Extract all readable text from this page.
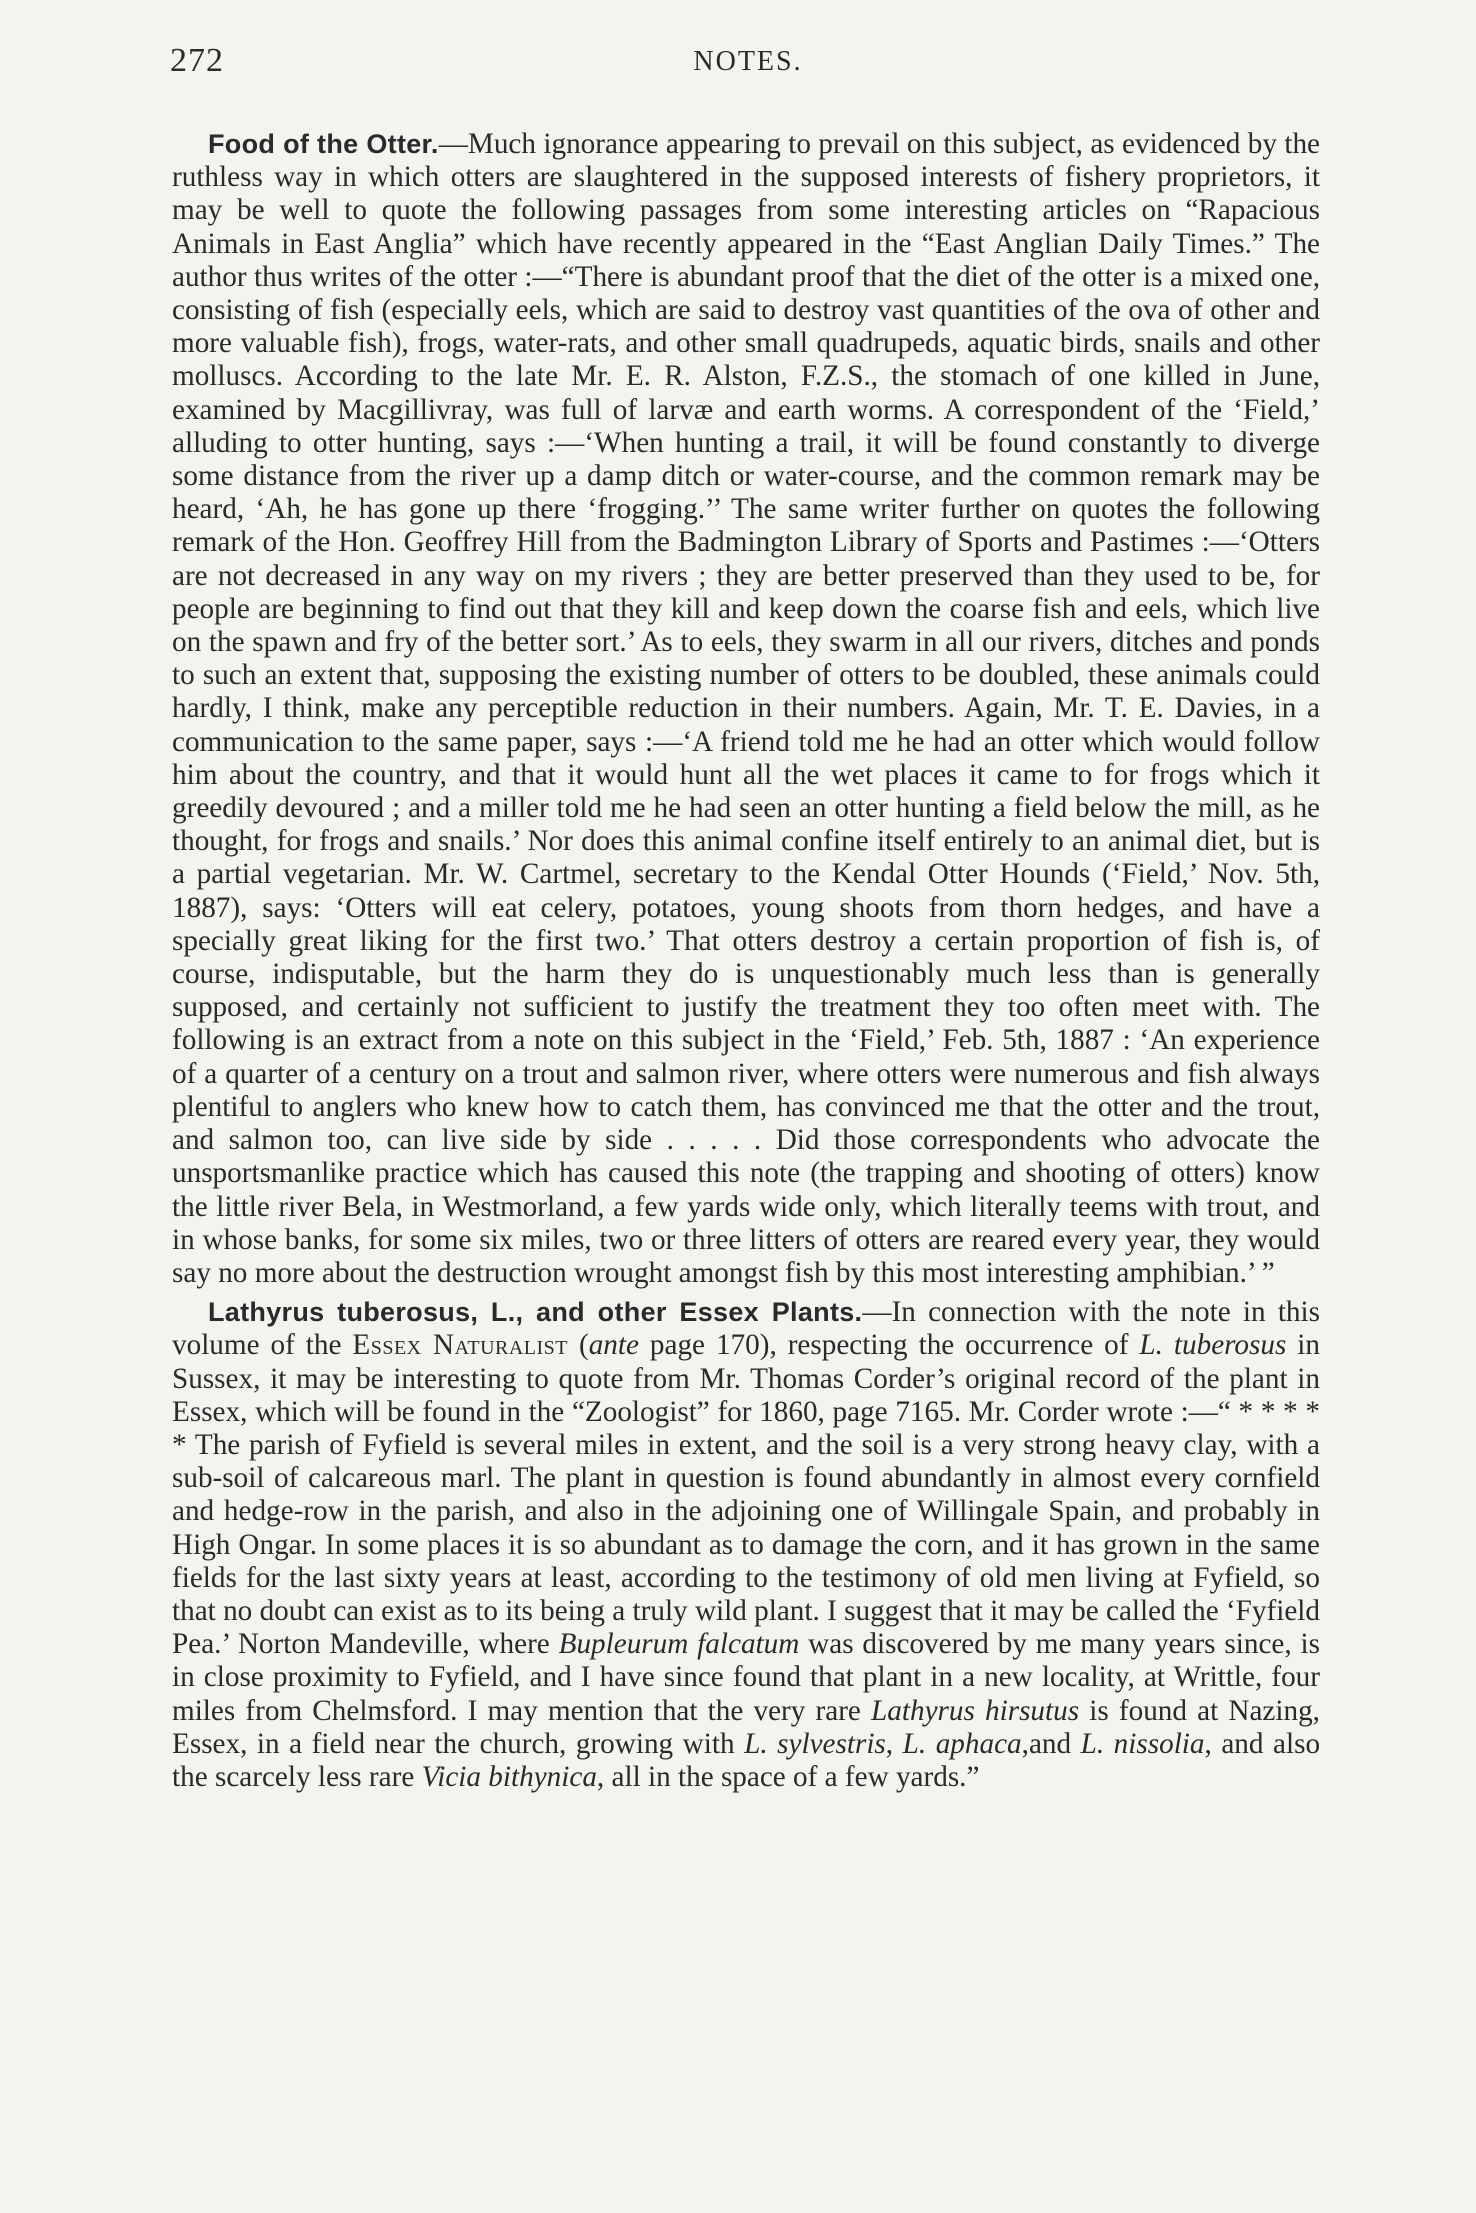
272	NOTES.

Food of the Otter.—Much ignorance appearing to prevail on this subject, as evidenced by the ruthless way in which otters are slaughtered in the supposed interests of fishery proprietors, it may be well to quote the following passages from some interesting articles on “Rapacious Animals in East Anglia” which have recently appeared in the “East Anglian Daily Times.” The author thus writes of the otter :—“There is abundant proof that the diet of the otter is a mixed one, consisting of fish (especially eels, which are said to destroy vast quantities of the ova of other and more valuable fish), frogs, water-rats, and other small quadrupeds, aquatic birds, snails and other molluscs. According to the late Mr. E. R. Alston, F.Z.S., the stomach of one killed in June, examined by Macgillivray, was full of larvæ and earth worms. A correspondent of the ‘Field,’ alluding to otter hunting, says :—‘When hunting a trail, it will be found constantly to diverge some distance from the river up a damp ditch or water-course, and the common remark may be heard, ‘Ah, he has gone up there ‘frogging.’’ The same writer further on quotes the following remark of the Hon. Geoffrey Hill from the Badmington Library of Sports and Pastimes :—‘Otters are not decreased in any way on my rivers ; they are better preserved than they used to be, for people are beginning to find out that they kill and keep down the coarse fish and eels, which live on the spawn and fry of the better sort.’ As to eels, they swarm in all our rivers, ditches and ponds to such an extent that, supposing the existing number of otters to be doubled, these animals could hardly, I think, make any perceptible reduction in their numbers. Again, Mr. T. E. Davies, in a communication to the same paper, says :—‘A friend told me he had an otter which would follow him about the country, and that it would hunt all the wet places it came to for frogs which it greedily devoured ; and a miller told me he had seen an otter hunting a field below the mill, as he thought, for frogs and snails.’ Nor does this animal confine itself entirely to an animal diet, but is a partial vegetarian. Mr. W. Cartmel, secretary to the Kendal Otter Hounds (‘Field,’ Nov. 5th, 1887), says: ‘Otters will eat celery, potatoes, young shoots from thorn hedges, and have a specially great liking for the first two.’ That otters destroy a certain proportion of fish is, of course, indisputable, but the harm they do is unquestionably much less than is generally supposed, and certainly not sufficient to justify the treatment they too often meet with. The following is an extract from a note on this subject in the ‘Field,’ Feb. 5th, 1887 : ‘An experience of a quarter of a century on a trout and salmon river, where otters were numerous and fish always plentiful to anglers who knew how to catch them, has convinced me that the otter and the trout, and salmon too, can live side by side . . . . . Did those correspondents who advocate the unsportsmanlike practice which has caused this note (the trapping and shooting of otters) know the little river Bela, in Westmorland, a few yards wide only, which literally teems with trout, and in whose banks, for some six miles, two or three litters of otters are reared every year, they would say no more about the destruction wrought amongst fish by this most interesting amphibian.’ ”

Lathyrus tuberosus, L., and other Essex Plants.—In connection with the note in this volume of the Essex Naturalist (ante page 170), respecting the occurrence of L. tuberosus in Sussex, it may be interesting to quote from Mr. Thomas Corder’s original record of the plant in Essex, which will be found in the “Zoologist” for 1860, page 7165. Mr. Corder wrote :—“ * * * * * The parish of Fyfield is several miles in extent, and the soil is a very strong heavy clay, with a sub-soil of calcareous marl. The plant in question is found abundantly in almost every cornfield and hedge-row in the parish, and also in the adjoining one of Willingale Spain, and probably in High Ongar. In some places it is so abundant as to damage the corn, and it has grown in the same fields for the last sixty years at least, according to the testimony of old men living at Fyfield, so that no doubt can exist as to its being a truly wild plant. I suggest that it may be called the ‘Fyfield Pea.’ Norton Mandeville, where Bupleurum falcatum was discovered by me many years since, is in close proximity to Fyfield, and I have since found that plant in a new locality, at Writtle, four miles from Chelmsford. I may mention that the very rare Lathyrus hirsutus is found at Nazing, Essex, in a field near the church, growing with L. sylvestris, L. aphaca,and L. nissolia, and also the scarcely less rare Vicia bithynica, all in the space of a few yards.”
